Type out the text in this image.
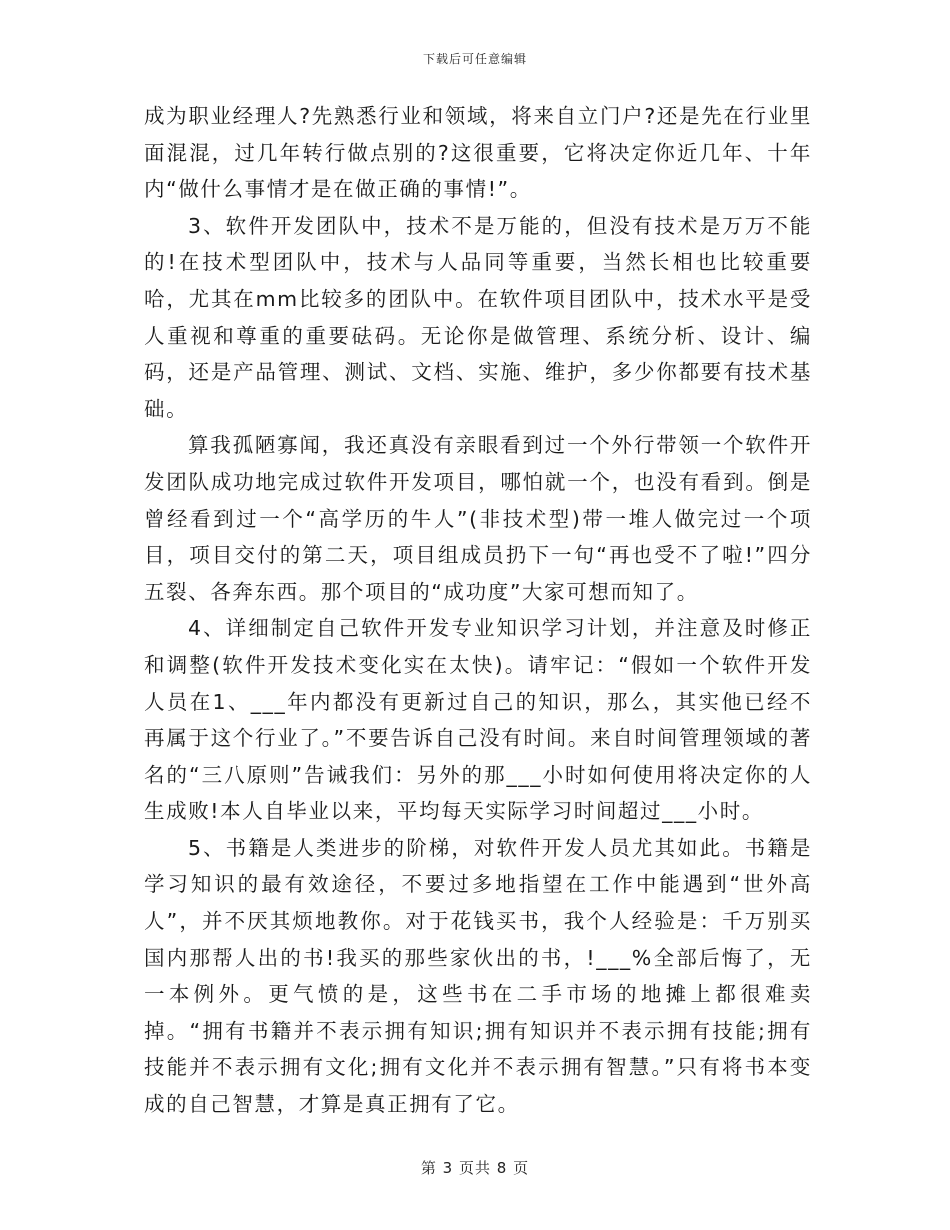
下载后可任意编辑

成为职业经理人?先熟悉行业和领域，将来自立门户?还是先在行业里面混混，过几年转行做点别的?这很重要，它将决定你近几年、十年内“做什么事情才是在做正确的事情!”。

3、软件开发团队中，技术不是万能的，但没有技术是万万不能的!在技术型团队中，技术与人品同等重要，当然长相也比较重要哈，尤其在mm比较多的团队中。在软件项目团队中，技术水平是受人重视和尊重的重要砝码。无论你是做管理、系统分析、设计、编码，还是产品管理、测试、文档、实施、维护，多少你都要有技术基础。

算我孤陋寡闻，我还真没有亲眼看到过一个外行带领一个软件开发团队成功地完成过软件开发项目，哪怕就一个，也没有看到。倒是曾经看到过一个“高学历的牛人”(非技术型)带一堆人做完过一个项目，项目交付的第二天，项目组成员扔下一句“再也受不了啦!”四分五裂、各奔东西。那个项目的“成功度”大家可想而知了。

4、详细制定自己软件开发专业知识学习计划，并注意及时修正和调整(软件开发技术变化实在太快)。请牢记：“假如一个软件开发人员在1、___年内都没有更新过自己的知识，那么，其实他已经不再属于这个行业了。”不要告诉自己没有时间。来自时间管理领域的著名的“三八原则”告诫我们：另外的那___小时如何使用将决定你的人生成败!本人自毕业以来，平均每天实际学习时间超过___小时。

5、书籍是人类进步的阶梯，对软件开发人员尤其如此。书籍是学习知识的最有效途径，不要过多地指望在工作中能遇到“世外高人”，并不厌其烦地教你。对于花钱买书，我个人经验是：千万别买国内那帮人出的书!我买的那些家伙出的书，!___%全部后悔了，无一本例外。更气愤的是，这些书在二手市场的地摊上都很难卖掉。“拥有书籍并不表示拥有知识;拥有知识并不表示拥有技能;拥有技能并不表示拥有文化;拥有文化并不表示拥有智慧。”只有将书本变成的自己智慧，才算是真正拥有了它。

第 3 页共 8 页
